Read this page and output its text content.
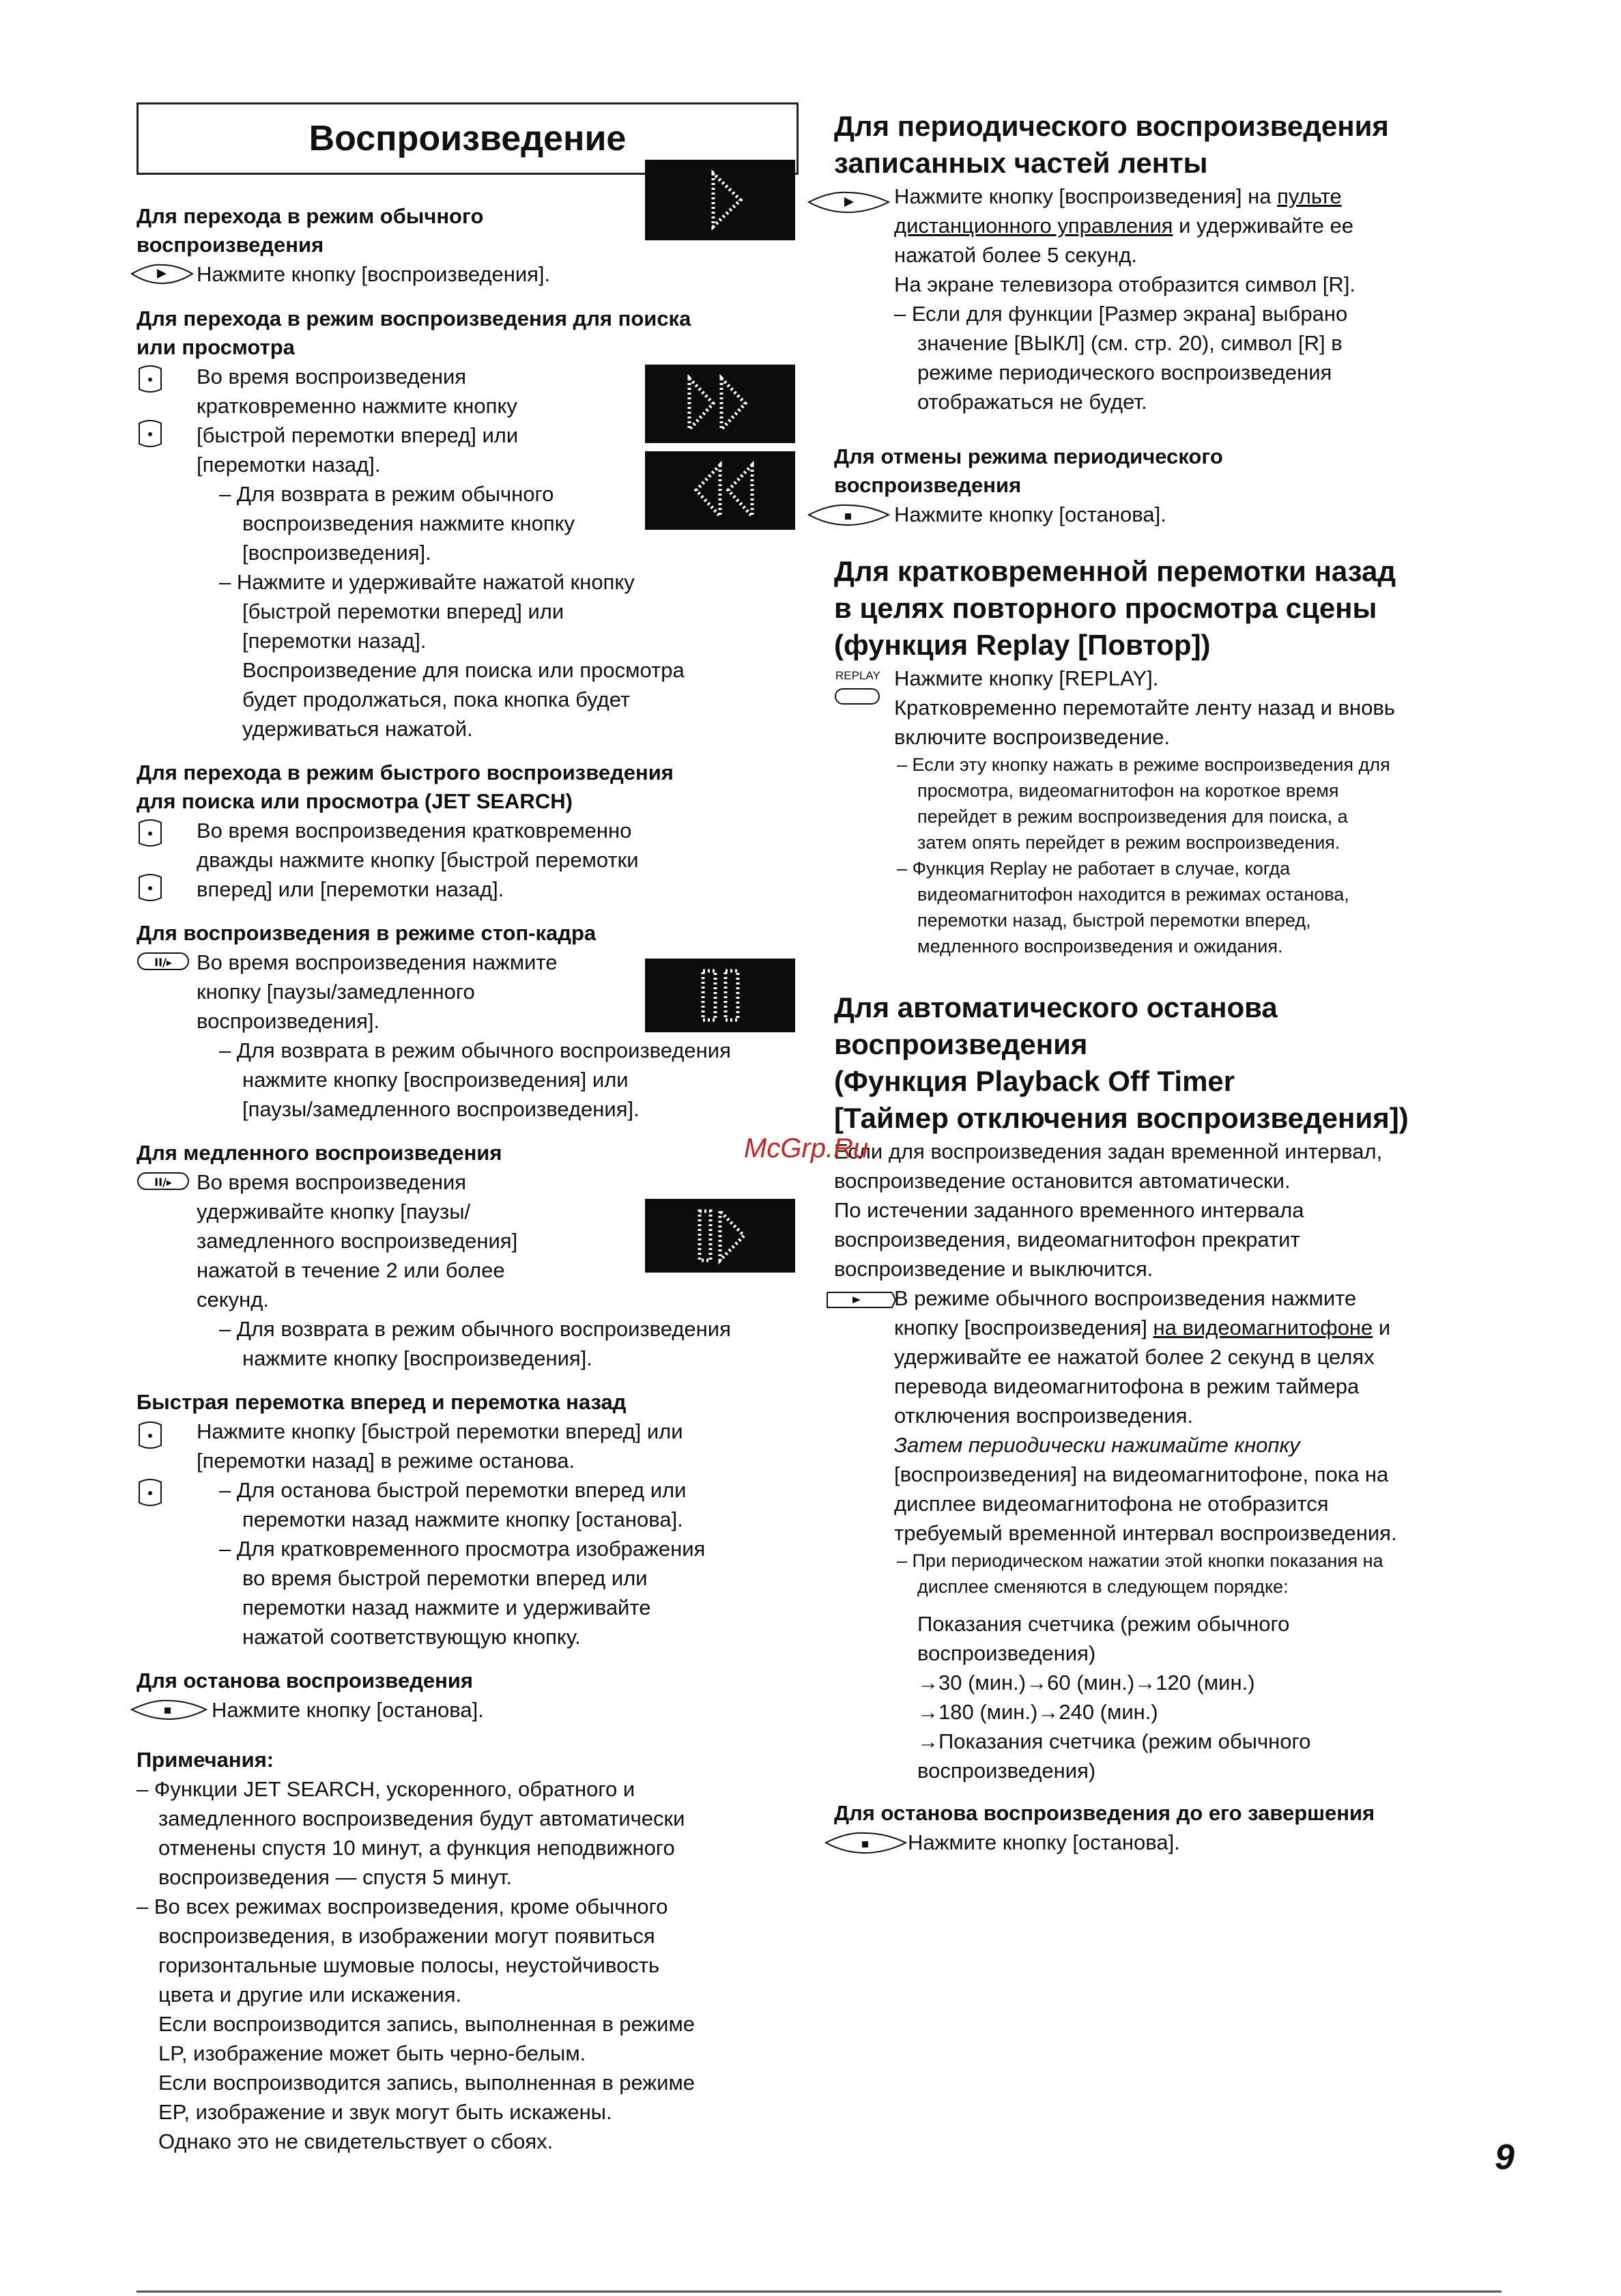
Воспроизведение
Для перехода в режим обычного
воспроизведения

Нажмите кнопку [воспроизведения].

Для перехода в режим воспроизведения для поиска
или просмотра

Во время воспроизведения

кратковременно нажмите кнопку

[быстрой перемотки вперед] или

[перемотки назад].

– Для возврата в режим обычного

воспроизведения нажмите кнопку

[воспроизведения].

– Нажмите и удерживайте нажатой кнопку

[быстрой перемотки вперед] или

[перемотки назад].

Воспроизведение для поиска или просмотра

будет продолжаться, пока кнопка будет

удерживаться нажатой.

Для перехода в режим быстрого воспроизведения
для поиска или просмотра (JET SEARCH)

Во время воспроизведения кратковременно

дважды нажмите кнопку [быстрой перемотки

вперед] или [перемотки назад].

Для воспроизведения в режиме стоп-кадра
II/▸	Во время воспроизведения нажмите

кнопку [паузы/замедленного

воспроизведения].

– Для возврата в режим обычного воспроизведения

нажмите кнопку [воспроизведения] или

[паузы/замедленного воспроизведения].

Для медленного воспроизведения
II/▸	Во время воспроизведения

удерживайте кнопку [паузы/

замедленного воспроизведения]

нажатой в течение 2 или более

секунд.

– Для возврата в режим обычного воспроизведения

нажмите кнопку [воспроизведения].

Быстрая перемотка вперед и перемотка назад

Нажмите кнопку [быстрой перемотки вперед] или

[перемотки назад] в режиме останова.

– Для останова быстрой перемотки вперед или

перемотки назад нажмите кнопку [останова].

– Для кратковременного просмотра изображения

во время быстрой перемотки вперед или

перемотки назад нажмите и удерживайте

нажатой соответствующую кнопку.

Для останова воспроизведения

Нажмите кнопку [останова].

Примечания:

– Функции JET SEARCH, ускоренного, обратного и

замедленного воспроизведения будут автоматически

отменены спустя 10 минут, а функция неподвижного

воспроизведения — спустя 5 минут.

– Во всех режимах воспроизведения, кроме обычного

воспроизведения, в изображении могут появиться

горизонтальные шумовые полосы, неустойчивость

цвета и другие или искажения.

Если воспроизводится запись, выполненная в режиме

LP, изображение может быть черно-белым.

Если воспроизводится запись, выполненная в режиме

EP, изображение и звук могут быть искажены.

Однако это не свидетельствует о сбоях.

Для периодического воспроизведения
записанных частей ленты

Нажмите кнопку [воспроизведения] на пульте

дистанционного управления и удерживайте ее

нажатой более 5 секунд.

На экране телевизора отобразится символ [R].

– Если для функции [Размер экрана] выбрано

значение [ВЫКЛ] (см. стр. 20), символ [R] в

режиме периодического воспроизведения

отображаться не будет.

Для отмены режима периодического
воспроизведения

Нажмите кнопку [останова].

Для кратковременной перемотки назад
в целях повторного просмотра сцены
(функция Replay [Повтор])
REPLAY Нажмите кнопку [REPLAY].

Кратковременно перемотайте ленту назад и вновь

включите воспроизведение.

– Если эту кнопку нажать в режиме воспроизведения для

просмотра, видеомагнитофон на короткое время

перейдет в режим воспроизведения для поиска, а

затем опять перейдет в режим воспроизведения.

– Функция Replay не работает в случае, когда

видеомагнитофон находится в режимах останова,

перемотки назад, быстрой перемотки вперед,

медленного воспроизведения и ожидания.

Для автоматического останова
воспроизведения
(Функция Playback Off Timer
[Таймер отключения воспроизведения])

Если для воспроизведения задан временной интервал,

воспроизведение остановится автоматически.

По истечении заданного временного интервала

воспроизведения, видеомагнитофон прекратит

воспроизведение и выключится.

В режиме обычного воспроизведения нажмите

кнопку [воспроизведения] на видеомагнитофоне и

удерживайте ее нажатой более 2 секунд в целях

перевода видеомагнитофона в режим таймера

отключения воспроизведения.

Затем периодически нажимайте кнопку

[воспроизведения] на видеомагнитофоне, пока на

дисплее видеомагнитофона не отобразится

требуемый временной интервал воспроизведения.

– При периодическом нажатии этой кнопки показания на

дисплее сменяются в следующем порядке:

Показания счетчика (режим обычного

воспроизведения)

→30 (мин.)→60 (мин.)→120 (мин.)

→180 (мин.)→240 (мин.)

→Показания счетчика (режим обычного

воспроизведения)

Для останова воспроизведения до его завершения

Нажмите кнопку [останова].

McGrp.Ru
9
